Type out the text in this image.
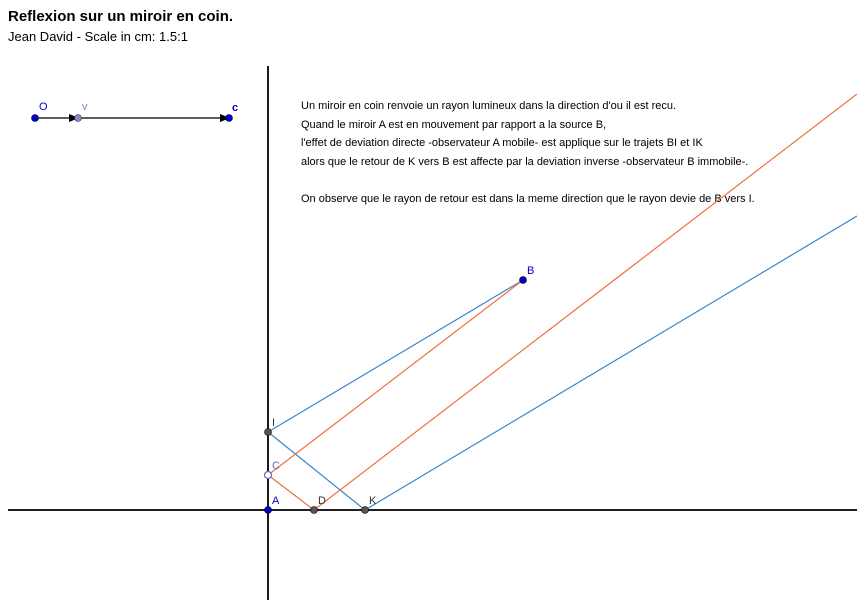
Reflexion sur un miroir en coin.
Jean David - Scale in cm: 1.5:1
Un miroir en coin renvoie un rayon lumineux dans la direction d'ou il est recu.
Quand le miroir A est en mouvement par rapport a la source B,
l'effet de deviation directe -observateur A mobile- est applique sur le trajets BI et IK
alors que le retour de K vers B est affecte par la deviation inverse -observateur B immobile-.
On observe que le rayon de retour est dans la meme direction que le rayon devie de B vers I.
O	v	c
B
I
C
A	D	K
